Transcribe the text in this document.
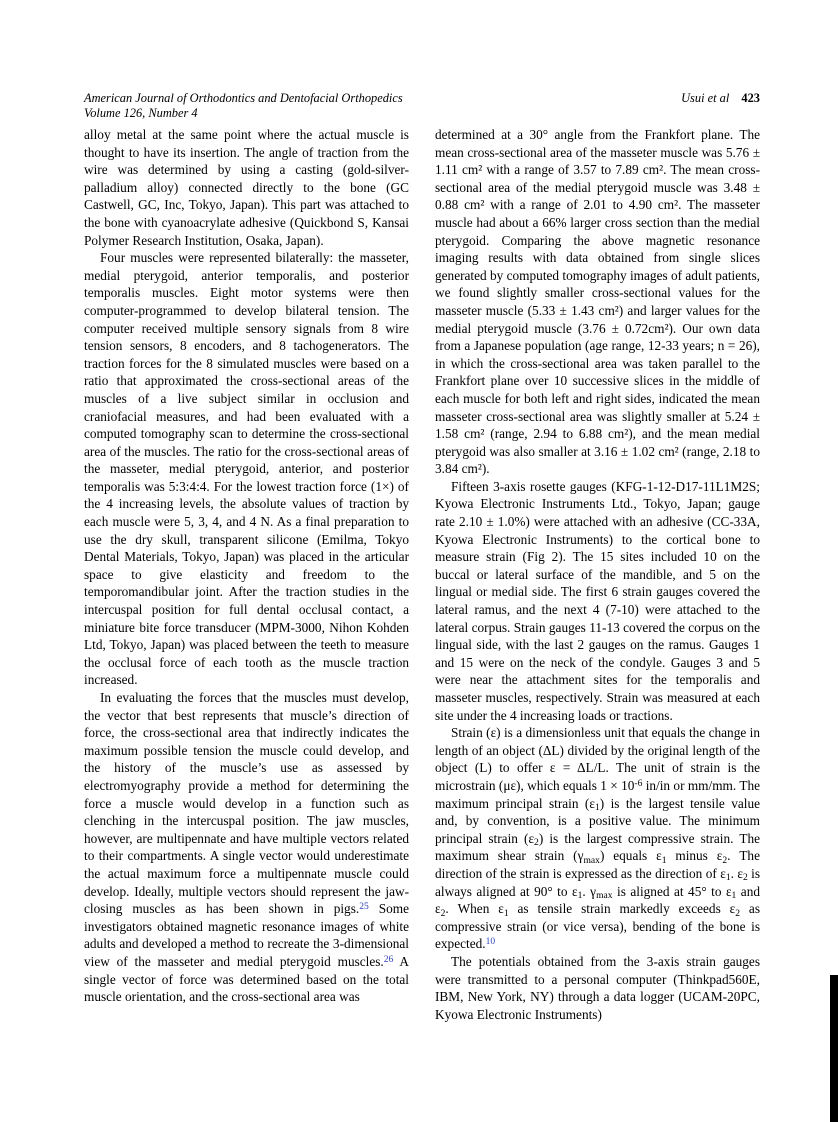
American Journal of Orthodontics and Dentofacial Orthopedics
Volume 126, Number 4
Usui et al 423

alloy metal at the same point where the actual muscle is thought to have its insertion. The angle of traction from the wire was determined by using a casting (gold-silver-palladium alloy) connected directly to the bone (GC Castwell, GC, Inc, Tokyo, Japan). This part was attached to the bone with cyanoacrylate adhesive (Quickbond S, Kansai Polymer Research Institution, Osaka, Japan).

Four muscles were represented bilaterally: the masseter, medial pterygoid, anterior temporalis, and posterior temporalis muscles. Eight motor systems were then computer-programmed to develop bilateral tension. The computer received multiple sensory signals from 8 wire tension sensors, 8 encoders, and 8 tachogenerators. The traction forces for the 8 simulated muscles were based on a ratio that approximated the cross-sectional areas of the muscles of a live subject similar in occlusion and craniofacial measures, and had been evaluated with a computed tomography scan to determine the cross-sectional area of the muscles. The ratio for the cross-sectional areas of the masseter, medial pterygoid, anterior, and posterior temporalis was 5:3:4:4. For the lowest traction force (1×) of the 4 increasing levels, the absolute values of traction by each muscle were 5, 3, 4, and 4 N. As a final preparation to use the dry skull, transparent silicone (Emilma, Tokyo Dental Materials, Tokyo, Japan) was placed in the articular space to give elasticity and freedom to the temporomandibular joint. After the traction studies in the intercuspal position for full dental occlusal contact, a miniature bite force transducer (MPM-3000, Nihon Kohden Ltd, Tokyo, Japan) was placed between the teeth to measure the occlusal force of each tooth as the muscle traction increased.

In evaluating the forces that the muscles must develop, the vector that best represents that muscle’s direction of force, the cross-sectional area that indirectly indicates the maximum possible tension the muscle could develop, and the history of the muscle’s use as assessed by electromyography provide a method for determining the force a muscle would develop in a function such as clenching in the intercuspal position. The jaw muscles, however, are multipennate and have multiple vectors related to their compartments. A single vector would underestimate the actual maximum force a multipennate muscle could develop. Ideally, multiple vectors should represent the jaw-closing muscles as has been shown in pigs.$^{25}$ Some investigators obtained magnetic resonance images of white adults and developed a method to recreate the 3-dimensional view of the masseter and medial pterygoid muscles.$^{26}$ A single vector of force was determined based on the total muscle orientation, and the cross-sectional area was

determined at a 30° angle from the Frankfort plane. The mean cross-sectional area of the masseter muscle was 5.76 ± 1.11 cm² with a range of 3.57 to 7.89 cm². The mean cross-sectional area of the medial pterygoid muscle was 3.48 ± 0.88 cm² with a range of 2.01 to 4.90 cm². The masseter muscle had about a 66% larger cross section than the medial pterygoid. Comparing the above magnetic resonance imaging results with data obtained from single slices generated by computed tomography images of adult patients, we found slightly smaller cross-sectional values for the masseter muscle (5.33 ± 1.43 cm²) and larger values for the medial pterygoid muscle (3.76 ± 0.72cm²). Our own data from a Japanese population (age range, 12-33 years; n = 26), in which the cross-sectional area was taken parallel to the Frankfort plane over 10 successive slices in the middle of each muscle for both left and right sides, indicated the mean masseter cross-sectional area was slightly smaller at 5.24 ± 1.58 cm² (range, 2.94 to 6.88 cm²), and the mean medial pterygoid was also smaller at 3.16 ± 1.02 cm² (range, 2.18 to 3.84 cm²).

Fifteen 3-axis rosette gauges (KFG-1-12-D17-11L1M2S; Kyowa Electronic Instruments Ltd., Tokyo, Japan; gauge rate 2.10 ± 1.0%) were attached with an adhesive (CC-33A, Kyowa Electronic Instruments) to the cortical bone to measure strain (Fig 2). The 15 sites included 10 on the buccal or lateral surface of the mandible, and 5 on the lingual or medial side. The first 6 strain gauges covered the lateral ramus, and the next 4 (7-10) were attached to the lateral corpus. Strain gauges 11-13 covered the corpus on the lingual side, with the last 2 gauges on the ramus. Gauges 1 and 15 were on the neck of the condyle. Gauges 3 and 5 were near the attachment sites for the temporalis and masseter muscles, respectively. Strain was measured at each site under the 4 increasing loads or tractions.

Strain (ε) is a dimensionless unit that equals the change in length of an object (ΔL) divided by the original length of the object (L) to offer ε = ΔL/L. The unit of strain is the microstrain (με), which equals $1 \times 10^{-6}$ in/in or mm/mm. The maximum principal strain $(\varepsilon_1)$ is the largest tensile value and, by convention, is a positive value. The minimum principal strain $(\varepsilon_2)$ is the largest compressive strain. The maximum shear strain $(\gamma_{max})$ equals $\varepsilon_1$ minus $\varepsilon_2$. The direction of the strain is expressed as the direction of $\varepsilon_1$. $\varepsilon_2$ is always aligned at 90° to $\varepsilon_1$. $\gamma_{max}$ is aligned at 45° to $\varepsilon_1$ and $\varepsilon_2$. When $\varepsilon_1$ as tensile strain markedly exceeds $\varepsilon_2$ as compressive strain (or vice versa), bending of the bone is expected.$^{10}$

The potentials obtained from the 3-axis strain gauges were transmitted to a personal computer (Thinkpad560E, IBM, New York, NY) through a data logger (UCAM-20PC, Kyowa Electronic Instruments)
